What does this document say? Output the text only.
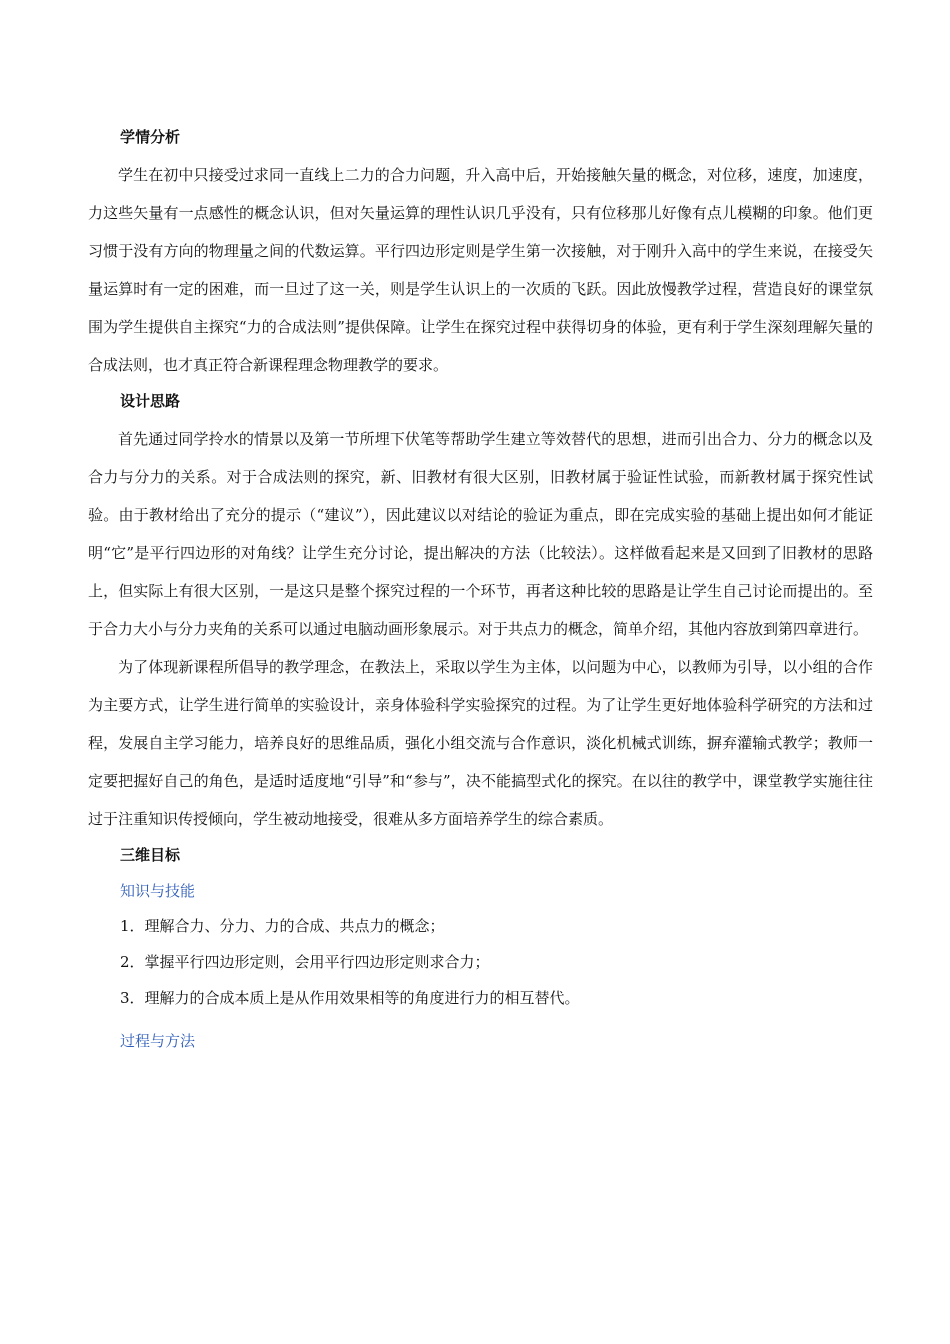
学情分析

学生在初中只接受过求同一直线上二力的合力问题，升入高中后，开始接触矢量的概念，对位移，速度，加速度，力这些矢量有一点感性的概念认识，但对矢量运算的理性认识几乎没有，只有位移那儿好像有点儿模糊的印象。他们更习惯于没有方向的物理量之间的代数运算。平行四边形定则是学生第一次接触，对于刚升入高中的学生来说，在接受矢量运算时有一定的困难，而一旦过了这一关，则是学生认识上的一次质的飞跃。因此放慢教学过程，营造良好的课堂氛围为学生提供自主探究“力的合成法则”提供保障。让学生在探究过程中获得切身的体验，更有利于学生深刻理解矢量的合成法则，也才真正符合新课程理念物理教学的要求。

设计思路

首先通过同学拎水的情景以及第一节所埋下伏笔等帮助学生建立等效替代的思想，进而引出合力、分力的概念以及合力与分力的关系。对于合成法则的探究，新、旧教材有很大区别，旧教材属于验证性试验，而新教材属于探究性试验。由于教材给出了充分的提示（“建议”），因此建议以对结论的验证为重点，即在完成实验的基础上提出如何才能证明“它”是平行四边形的对角线？让学生充分讨论，提出解决的方法（比较法）。这样做看起来是又回到了旧教材的思路上，但实际上有很大区别，一是这只是整个探究过程的一个环节，再者这种比较的思路是让学生自己讨论而提出的。至于合力大小与分力夹角的关系可以通过电脑动画形象展示。对于共点力的概念，简单介绍，其他内容放到第四章进行。

为了体现新课程所倡导的教学理念，在教法上，采取以学生为主体，以问题为中心，以教师为引导，以小组的合作为主要方式，让学生进行简单的实验设计，亲身体验科学实验探究的过程。为了让学生更好地体验科学研究的方法和过程，发展自主学习能力，培养良好的思维品质，强化小组交流与合作意识，淡化机械式训练，摒弃灌输式教学；教师一定要把握好自己的角色，是适时适度地“引导”和“参与”，决不能搞型式化的探究。在以往的教学中，课堂教学实施往往过于注重知识传授倾向，学生被动地接受，很难从多方面培养学生的综合素质。

三维目标
知识与技能

1．理解合力、分力、力的合成、共点力的概念；

2．掌握平行四边形定则，会用平行四边形定则求合力；

3．理解力的合成本质上是从作用效果相等的角度进行力的相互替代。

过程与方法
